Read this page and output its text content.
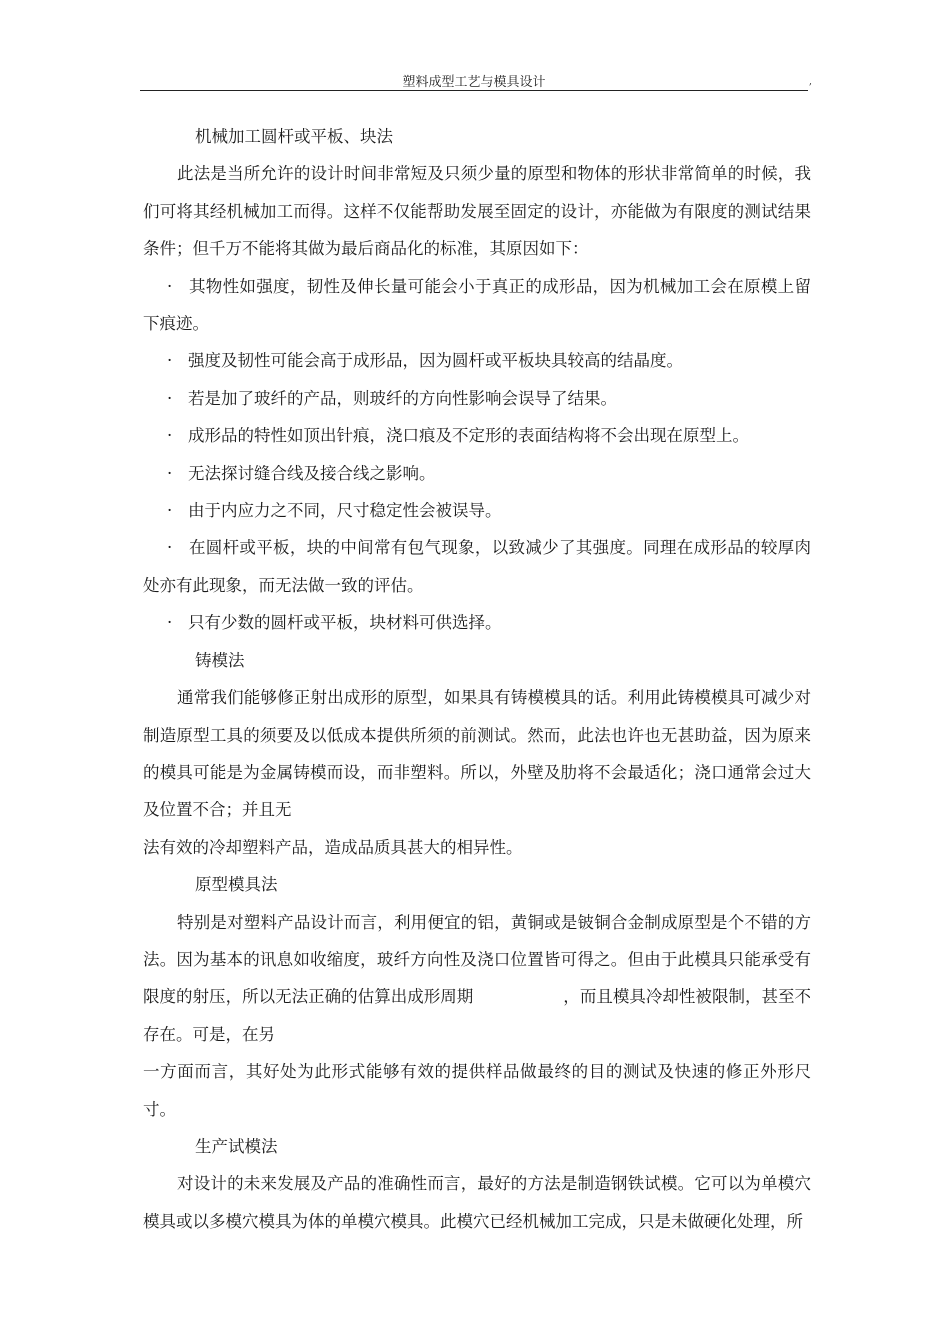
塑料成型工艺与模具设计	,

机械加工圆杆或平板、块法

此法是当所允许的设计时间非常短及只须少量的原型和物体的形状非常简单的时候，我们可将其经机械加工而得。这样不仅能帮助发展至固定的设计，亦能做为有限度的测试结果条件；但千万不能将其做为最后商品化的标准，其原因如下：

· 其物性如强度，韧性及伸长量可能会小于真正的成形品，因为机械加工会在原模上留下痕迹。

· 强度及韧性可能会高于成形品，因为圆杆或平板块具较高的结晶度。

· 若是加了玻纤的产品，则玻纤的方向性影响会误导了结果。

· 成形品的特性如顶出针痕，浇口痕及不定形的表面结构将不会出现在原型上。

· 无法探讨缝合线及接合线之影响。

· 由于内应力之不同，尺寸稳定性会被误导。

· 在圆杆或平板，块的中间常有包气现象，以致减少了其强度。同理在成形品的较厚肉处亦有此现象，而无法做一致的评估。

· 只有少数的圆杆或平板，块材料可供选择。

铸模法

通常我们能够修正射出成形的原型，如果具有铸模模具的话。利用此铸模模具可减少对制造原型工具的须要及以低成本提供所须的前测试。然而，此法也许也无甚助益，因为原来的模具可能是为金属铸模而设，而非塑料。所以，外壁及肋将不会最适化；浇口通常会过大及位置不合；并且无

法有效的冷却塑料产品，造成品质具甚大的相异性。

原型模具法

特别是对塑料产品设计而言，利用便宜的铝，黄铜或是铍铜合金制成原型是个不错的方法。因为基本的讯息如收缩度，玻纤方向性及浇口位置皆可得之。但由于此模具只能承受有限度的射压，所以无法正确的估算出成形周期	，而且模具冷却性被限制，甚至不存在。可是，在另

一方面而言，其好处为此形式能够有效的提供样品做最终的目的测试及快速的修正外形尺寸。

生产试模法

对设计的未来发展及产品的准确性而言，最好的方法是制造钢铁试模。它可以为单模穴模具或以多模穴模具为体的单模穴模具。此模穴已经机械加工完成，只是未做硬化处理，所
